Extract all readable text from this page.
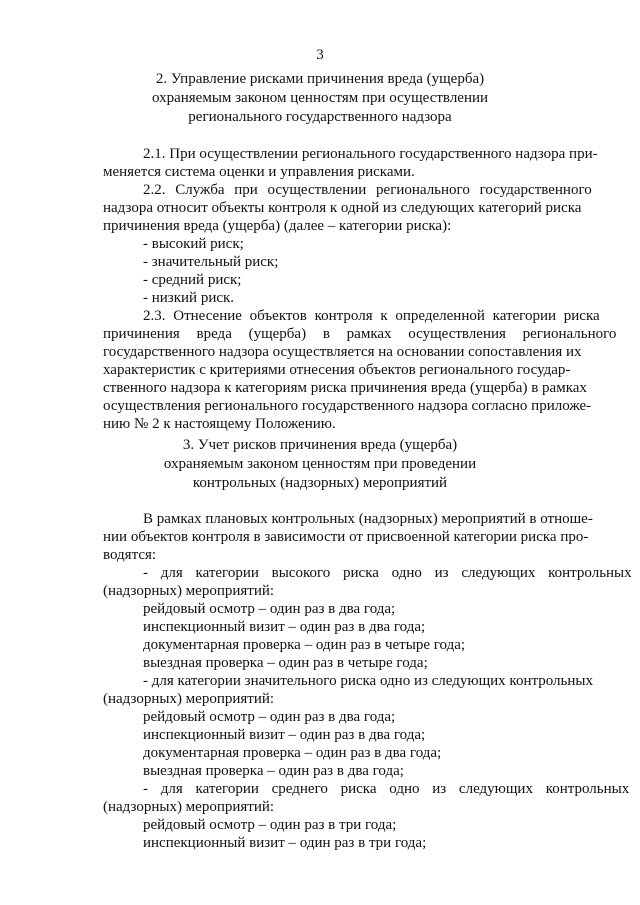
3
2. Управление рисками причинения вреда (ущерба)
охраняемым законом ценностям при осуществлении
регионального государственного надзора
2.1. При осуществлении регионального государственного надзора при-
меняется система оценки и управления рисками.
2.2. Служба при осуществлении регионального государственного
надзора относит объекты контроля к одной из следующих категорий риска
причинения вреда (ущерба) (далее – категории риска):
- высокий риск;
- значительный риск;
- средний риск;
- низкий риск.
2.3. Отнесение объектов контроля к определенной категории риска
причинения вреда (ущерба) в рамках осуществления регионального
государственного надзора осуществляется на основании сопоставления их
характеристик с критериями отнесения объектов регионального государ-
ственного надзора к категориям риска причинения вреда (ущерба) в рамках
осуществления регионального государственного надзора согласно приложе-
нию № 2 к настоящему Положению.
3. Учет рисков причинения вреда (ущерба)
охраняемым законом ценностям при проведении
контрольных (надзорных) мероприятий
В рамках плановых контрольных (надзорных) мероприятий в отноше-
нии объектов контроля в зависимости от присвоенной категории риска про-
водятся:
- для категории высокого риска одно из следующих контрольных
(надзорных) мероприятий:
рейдовый осмотр – один раз в два года;
инспекционный визит – один раз в два года;
документарная проверка – один раз в четыре года;
выездная проверка – один раз в четыре года;
- для категории значительного риска одно из следующих контрольных
(надзорных) мероприятий:
рейдовый осмотр – один раз в два года;
инспекционный визит – один раз в два года;
документарная проверка – один раз в два года;
выездная проверка – один раз в два года;
- для категории среднего риска одно из следующих контрольных
(надзорных) мероприятий:
рейдовый осмотр – один раз в три года;
инспекционный визит – один раз в три года;
